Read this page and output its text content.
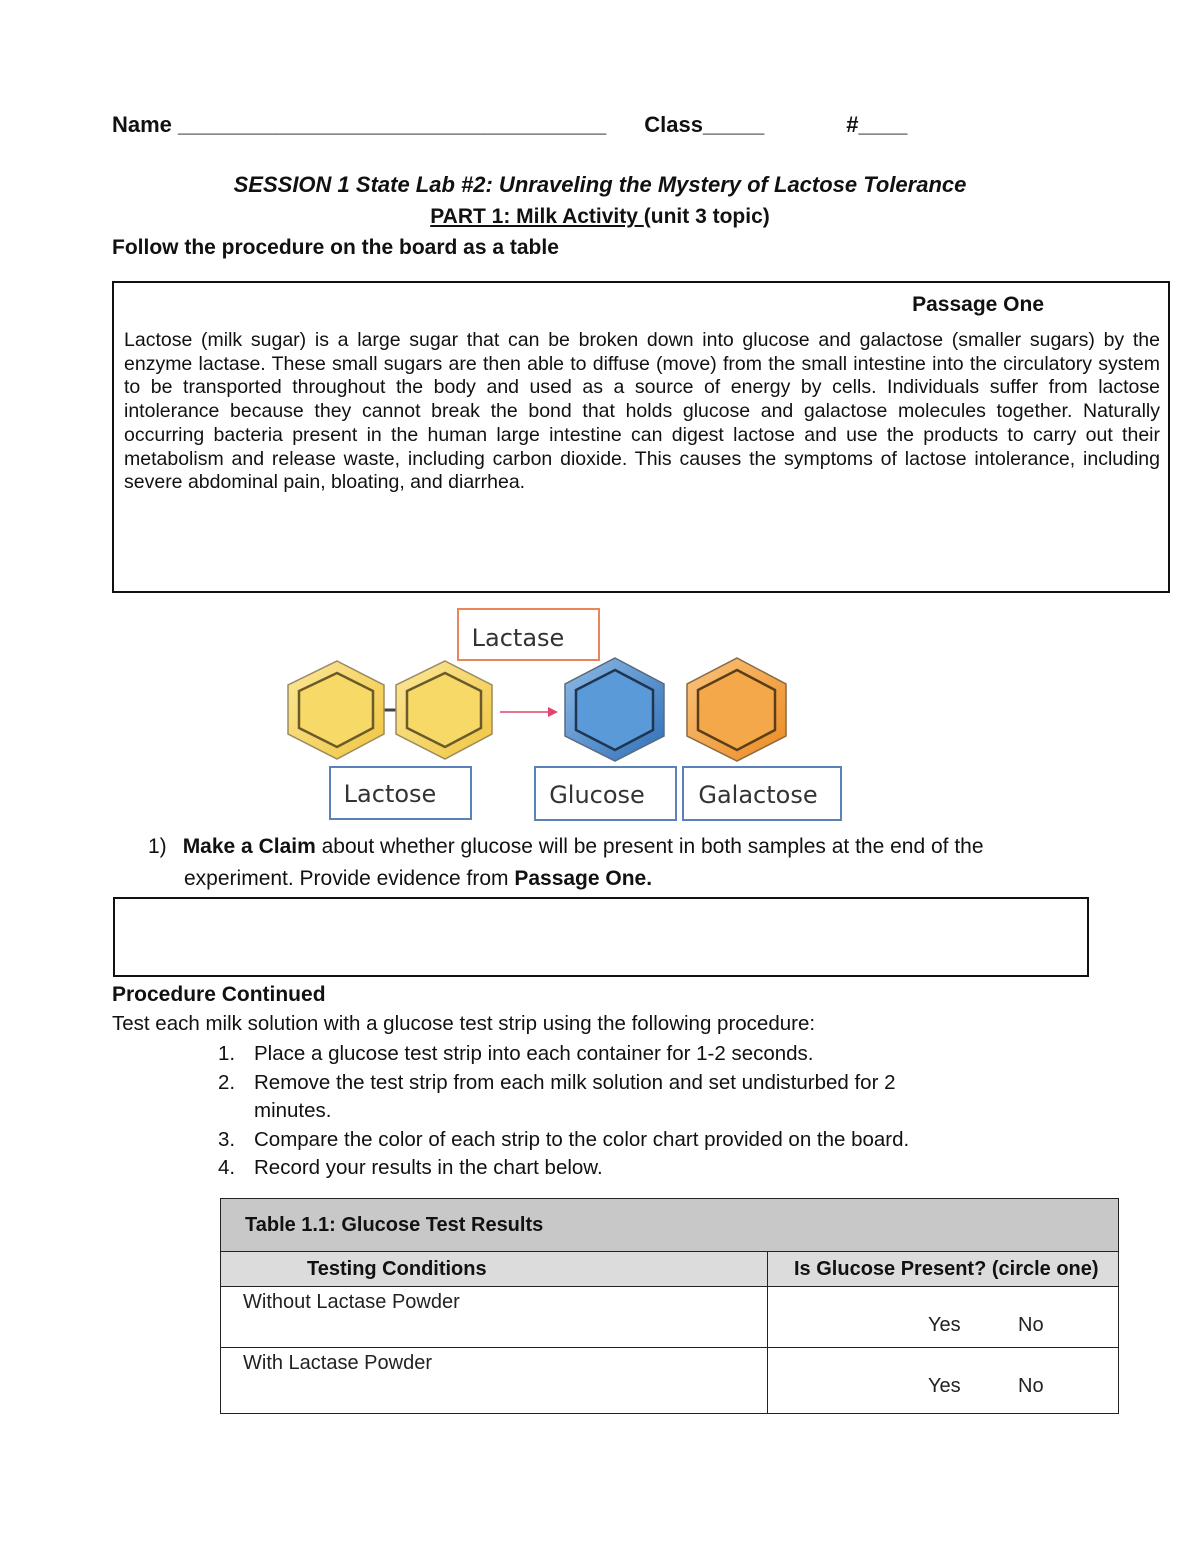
Name ___________________________________ Class_____	#____
SESSION 1 State Lab #2: Unraveling the Mystery of Lactose Tolerance
PART 1: Milk Activity (unit 3 topic)
Follow the procedure on the board as a table
Passage One
Lactose (milk sugar) is a large sugar that can be broken down into glucose and galactose (smaller sugars) by the enzyme lactase. These small sugars are then able to diffuse (move) from the small intestine into the circulatory system to be transported throughout the body and used as a source of energy by cells. Individuals suffer from lactose intolerance because they cannot break the bond that holds glucose and galactose molecules together. Naturally occurring bacteria present in the human large intestine can digest lactose and use the products to carry out their metabolism and release waste, including carbon dioxide. This causes the symptoms of lactose intolerance, including severe abdominal pain, bloating, and diarrhea.
Lactase
Lactose	Glucose Galactose
1) Make a Claim about whether glucose will be present in both samples at the end of the
experiment. Provide evidence from Passage One.
Procedure Continued
Test each milk solution with a glucose test strip using the following procedure:
1. Place a glucose test strip into each container for 1-2 seconds.
2. Remove the test strip from each milk solution and set undisturbed for 2 minutes.
3. Compare the color of each strip to the color chart provided on the board.
4. Record your results in the chart below.
Table 1.1: Glucose Test Results	
Testing Conditions	Is Glucose Present? (circle one)
Without Lactase Powder	Yes No

With Lactase Powder	Yes No
